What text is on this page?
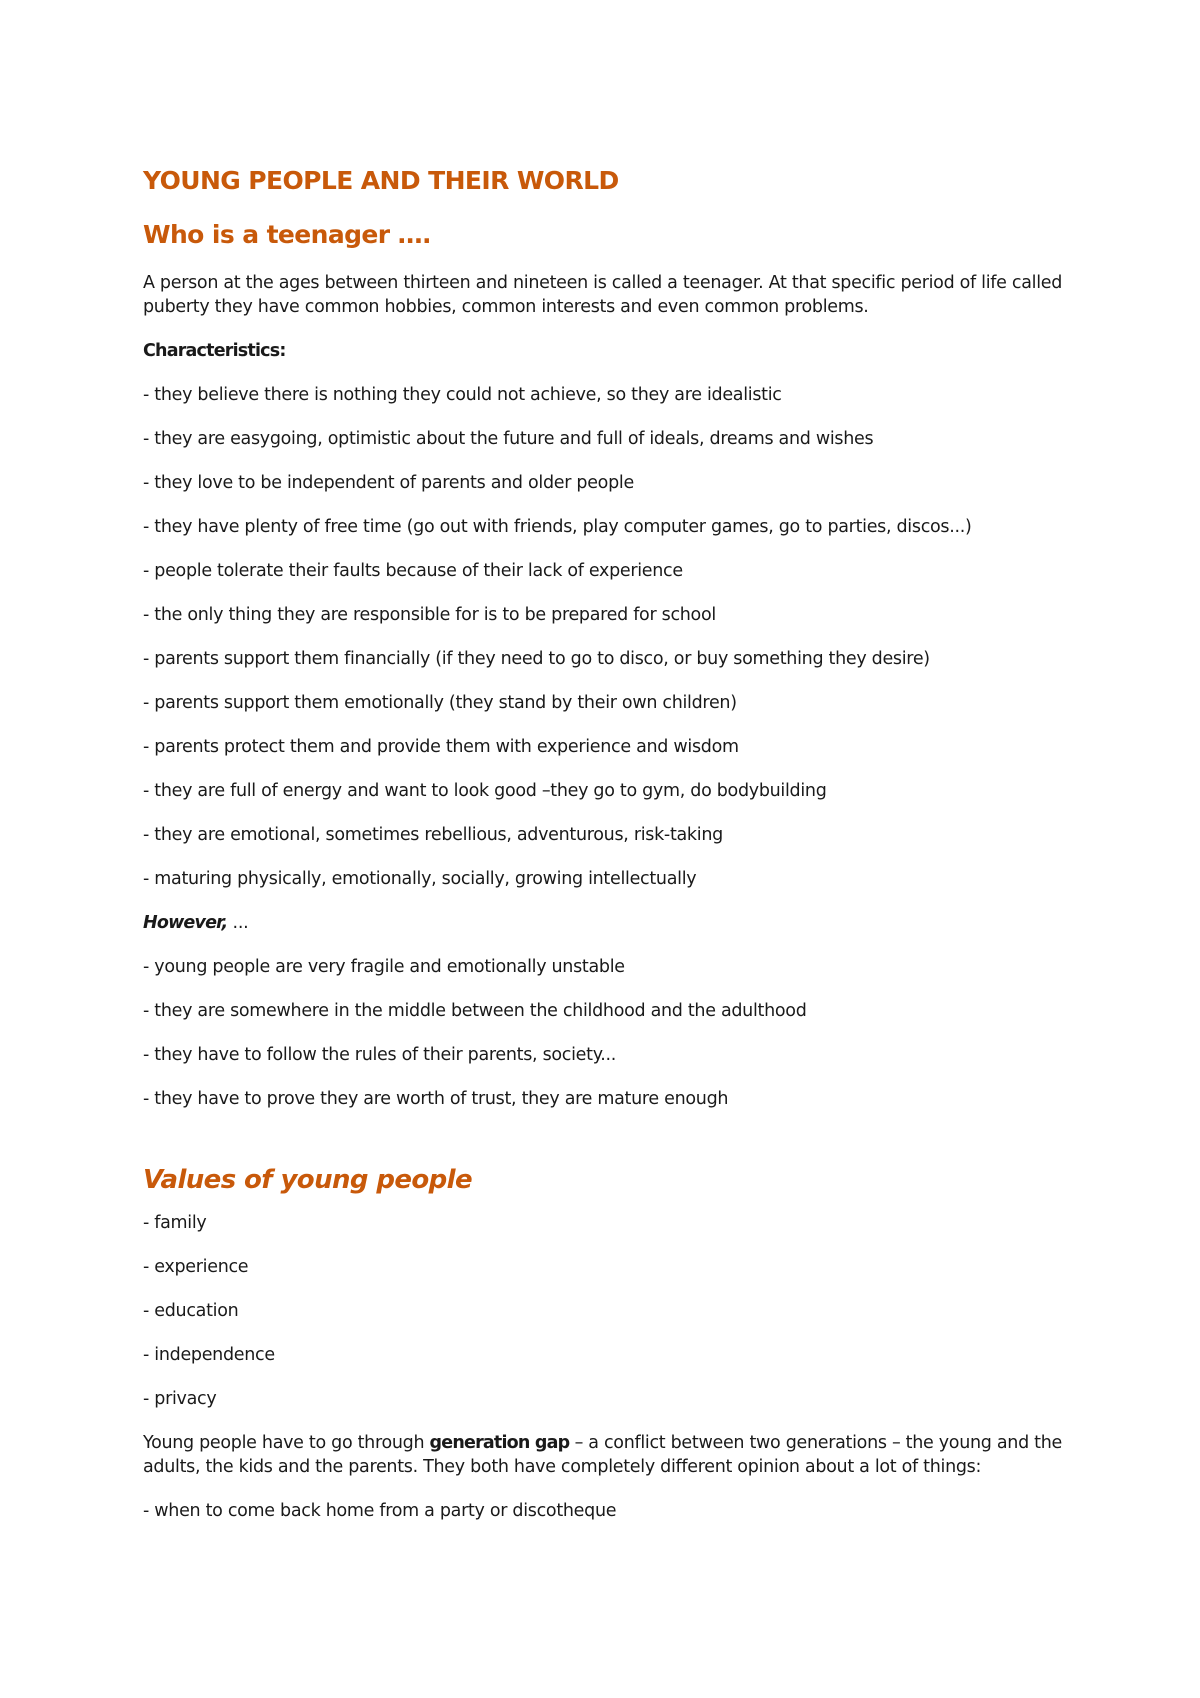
YOUNG PEOPLE AND THEIR WORLD
Who is a teenager ….

A person at the ages between thirteen and nineteen is called a teenager. At that specific period of life called puberty they have common hobbies, common interests and even common problems.

Characteristics:

- they believe there is nothing they could not achieve, so they are idealistic

- they are easygoing, optimistic about the future and full of ideals, dreams and wishes

- they love to be independent of parents and older people

- they have plenty of free time (go out with friends, play computer games, go to parties, discos...)

- people tolerate their faults because of their lack of experience

- the only thing they are responsible for is to be prepared for school

- parents support them financially (if they need to go to disco, or buy something they desire)

- parents support them emotionally (they stand by their own children)

- parents protect them and provide them with experience and wisdom

- they are full of energy and want to look good –they go to gym, do bodybuilding

- they are emotional, sometimes rebellious, adventurous, risk-taking

- maturing physically, emotionally, socially, growing intellectually

However, ...

- young people are very fragile and emotionally unstable

- they are somewhere in the middle between the childhood and the adulthood

- they have to follow the rules of their parents, society...

- they have to prove they are worth of trust, they are mature enough

Values of young people

- family

- experience

- education

- independence

- privacy

Young people have to go through generation gap – a conflict between two generations – the young and the adults, the kids and the parents. They both have completely different opinion about a lot of things:

- when to come back home from a party or discotheque
